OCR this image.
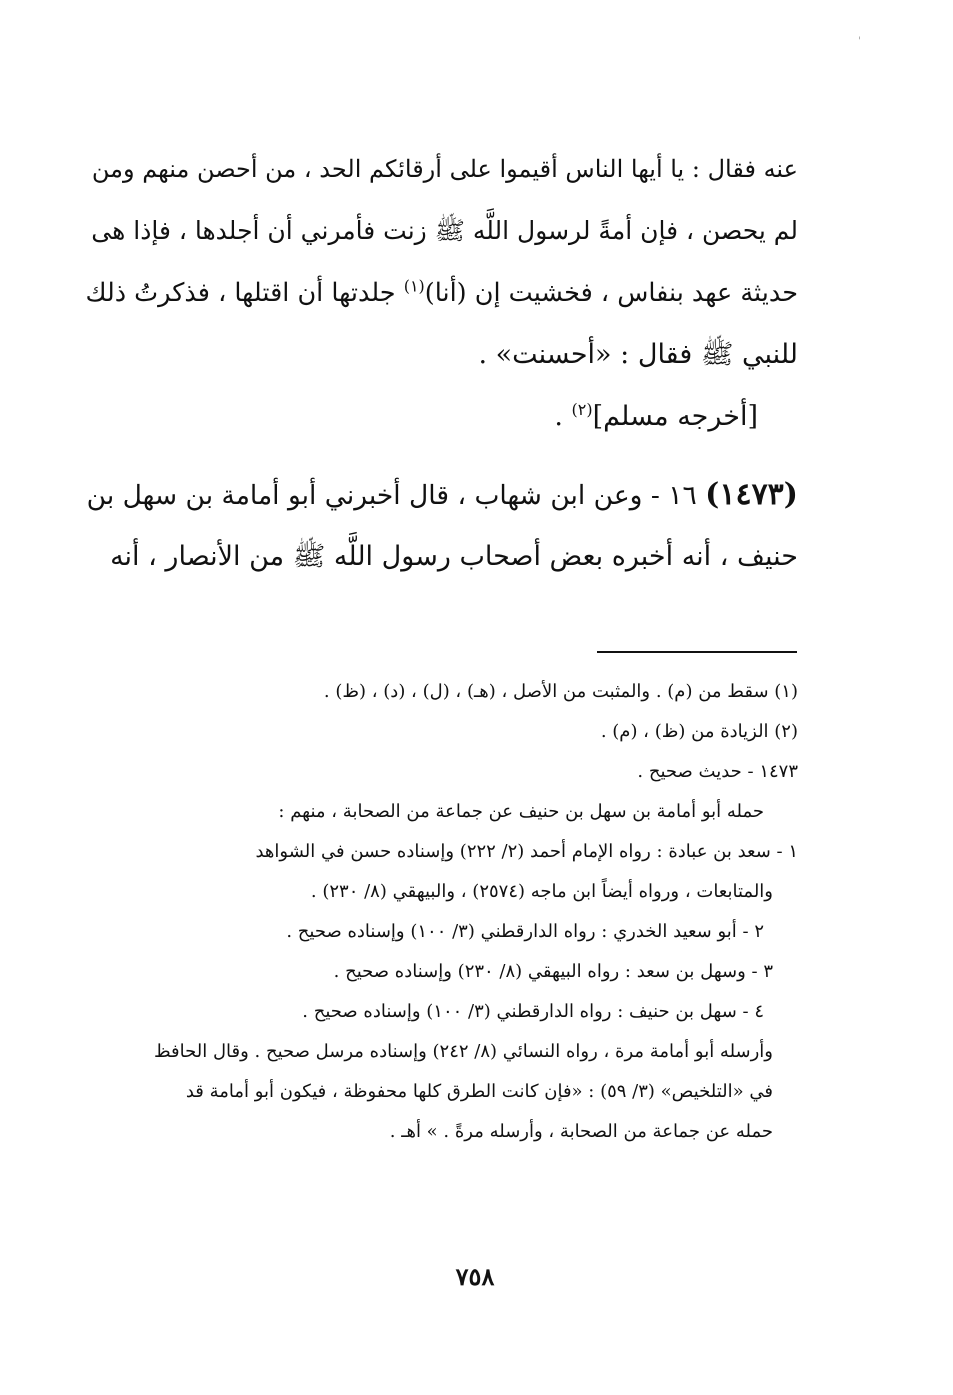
'
عنه فقال : يا أيها الناس أقيموا على أرقائكم الحد ، من أحصن منهم ومن
لم يحصن ، فإن أمةً لرسول اللَّه ﷺ زنت فأمرني أن أجلدها ، فإذا هى
حديثة عهد بنفاس ، فخشيت إن (أنا)$^{(١)}$ جلدتها أن اقتلها ، فذكرتُ ذلك
للنبي ﷺ فقال : «أحسنت» .
[أخرجه مسلم]$^{(٢)}$ .
(١٤٧٣) ١٦ - وعن ابن شهاب ، قال أخبرني أبو أمامة بن سهل بن
حنيف ، أنه أخبره بعض أصحاب رسول اللَّه ﷺ من الأنصار ، أنه
(١) سقط من (م) . والمثبت من الأصل ، (هـ) ، (ل) ، (د) ، (ظ) .
(٢) الزيادة من (ظ) ، (م) .
١٤٧٣ - حديث صحيح .
حمله أبو أمامة بن سهل بن حنيف عن جماعة من الصحابة ، منهم :
١ - سعد بن عبادة : رواه الإمام أحمد (٢/ ٢٢٢) وإسناده حسن في الشواهد
والمتابعات ، ورواه أيضاً ابن ماجه (٢٥٧٤) ، والبيهقي (٨/ ٢٣٠) .
٢ - أبو سعيد الخدري : رواه الدارقطني (٣/ ١٠٠) وإسناده صحيح .
٣ - وسهل بن سعد : رواه البيهقي (٨/ ٢٣٠) وإسناده صحيح .
٤ - سهل بن حنيف : رواه الدارقطني (٣/ ١٠٠) وإسناده صحيح .
وأرسله أبو أمامة مرة ، رواه النسائي (٨/ ٢٤٢) وإسناده مرسل صحيح . وقال الحافظ
في «التلخيص» (٣/ ٥٩) : «فإن كانت الطرق كلها محفوظة ، فيكون أبو أمامة قد
حمله عن جماعة من الصحابة ، وأرسله مرةً . » أهـ .
٧٥٨
